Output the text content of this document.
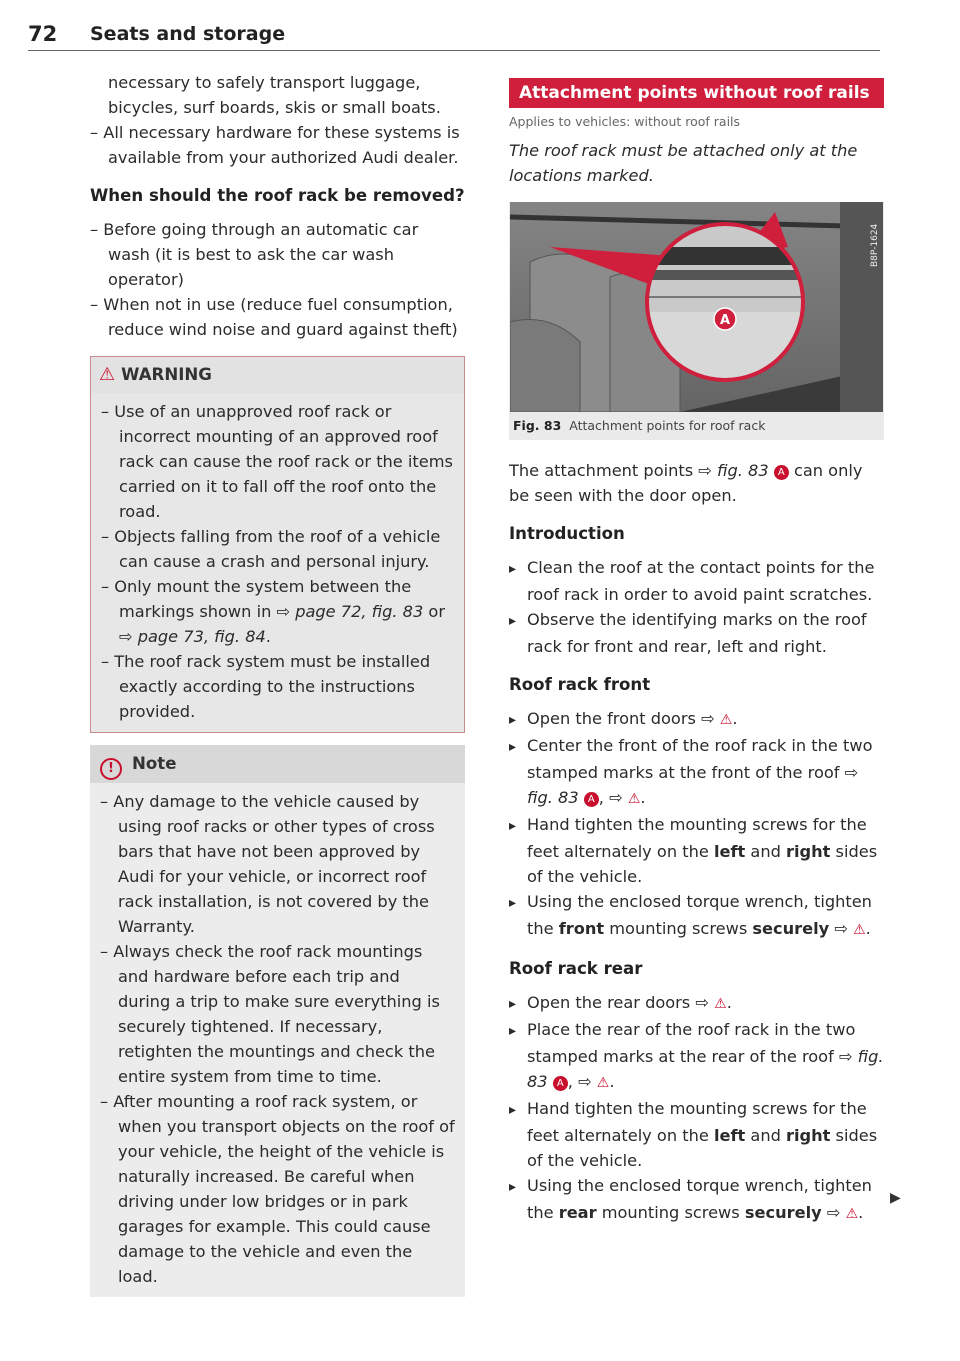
72 Seats and storage

necessary to safely transport luggage,

bicycles, surf boards, skis or small boats.

– All necessary hardware for these systems is available from your authorized Audi dealer.

When should the roof rack be removed?

– Before going through an automatic car wash (it is best to ask the car wash operator)

– When not in use (reduce fuel consumption, reduce wind noise and guard against theft)

⚠ WARNING

– Use of an unapproved roof rack or incorrect mounting of an approved roof rack can cause the roof rack or the items carried on it to fall off the roof onto the road.

– Objects falling from the roof of a vehicle can cause a crash and personal injury.

– Only mount the system between the markings shown in ⇨ page 72, fig. 83 or ⇨ page 73, fig. 84.

– The roof rack system must be installed exactly according to the instructions provided.

! Note

– Any damage to the vehicle caused by using roof racks or other types of cross bars that have not been approved by Audi for your vehicle, or incorrect roof rack installation, is not covered by the Warranty.

– Always check the roof rack mountings and hardware before each trip and during a trip to make sure everything is securely tightened. If necessary, retighten the mountings and check the entire system from time to time.

– After mounting a roof rack system, or when you transport objects on the roof of your vehicle, the height of the vehicle is naturally increased. Be careful when driving under low bridges or in park garages for example. This could cause damage to the vehicle and even the load.

Attachment points without roof rails
Applies to vehicles: without roof rails

The roof rack must be attached only at the locations marked.

B8P-1624
A
Fig. 83 Attachment points for roof rack

The attachment points ⇨ fig. 83 A can only be seen with the door open.

Introduction

▸ Clean the roof at the contact points for the roof rack in order to avoid paint scratches.

▸ Observe the identifying marks on the roof rack for front and rear, left and right.

Roof rack front

▸ Open the front doors ⇨ ⚠.

▸ Center the front of the roof rack in the two stamped marks at the front of the roof ⇨ fig. 83 A , ⇨ ⚠.

▸ Hand tighten the mounting screws for the feet alternately on the left and right sides of the vehicle.

▸ Using the enclosed torque wrench, tighten the front mounting screws securely ⇨ ⚠.

Roof rack rear

▸ Open the rear doors ⇨ ⚠.

▸ Place the rear of the roof rack in the two stamped marks at the rear of the roof ⇨ fig. 83 A , ⇨ ⚠.

▸ Hand tighten the mounting screws for the feet alternately on the left and right sides of the vehicle.

▸ Using the enclosed torque wrench, tighten the rear mounting screws securely ⇨ ⚠.

▶
